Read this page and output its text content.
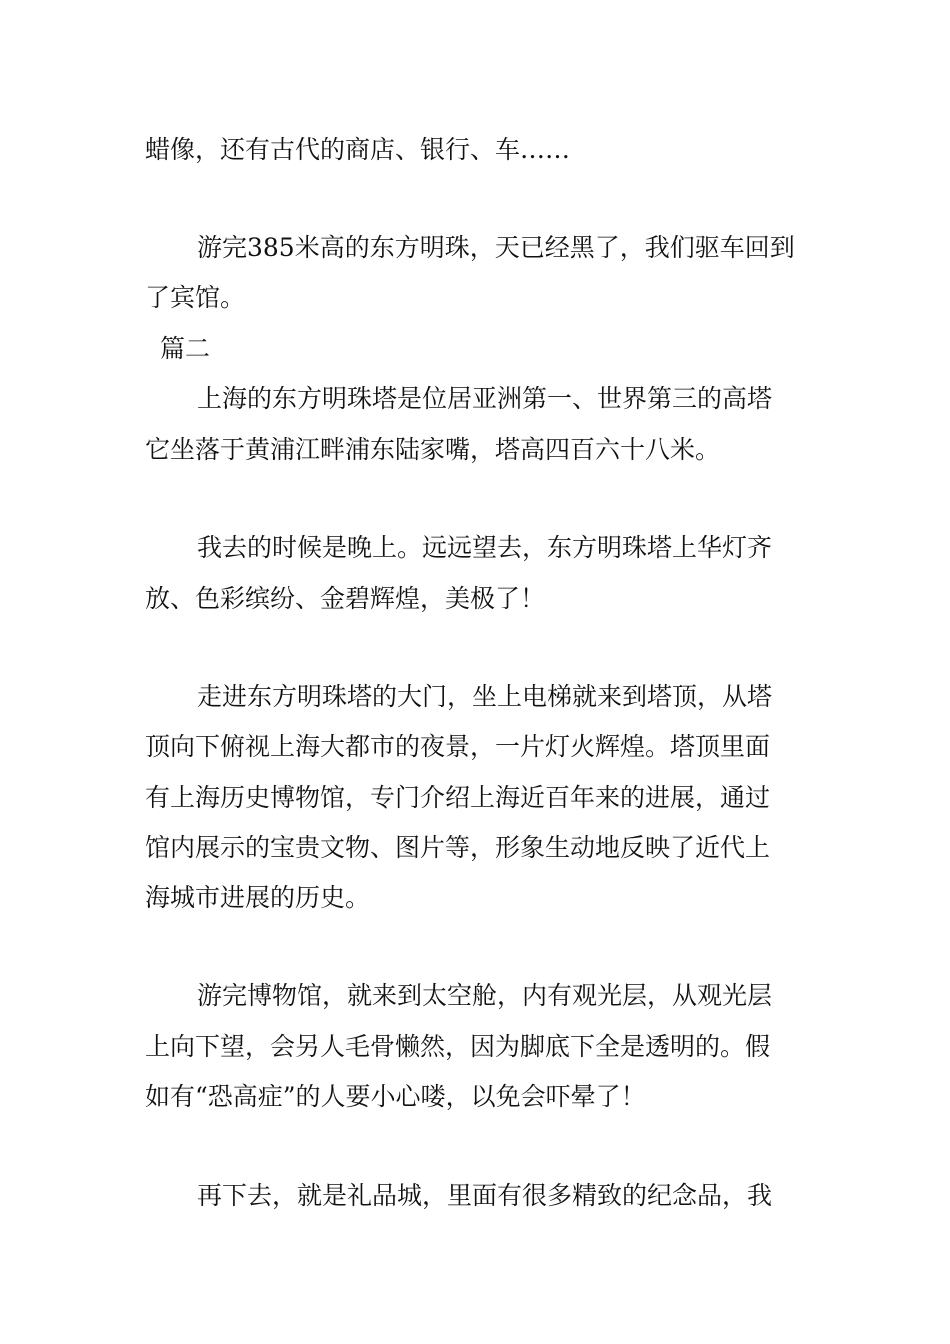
蜡像，还有古代的商店、银行、车……
游完385米高的东方明珠，天已经黑了，我们驱车回到
了宾馆。
篇二
上海的东方明珠塔是位居亚洲第一、世界第三的高塔
它坐落于黄浦江畔浦东陆家嘴，塔高四百六十八米。
我去的时候是晚上。远远望去，东方明珠塔上华灯齐
放、色彩缤纷、金碧辉煌，美极了！
走进东方明珠塔的大门，坐上电梯就来到塔顶，从塔
顶向下俯视上海大都市的夜景，一片灯火辉煌。塔顶里面
有上海历史博物馆，专门介绍上海近百年来的进展，通过
馆内展示的宝贵文物、图片等，形象生动地反映了近代上
海城市进展的历史。
游完博物馆，就来到太空舱，内有观光层，从观光层
上向下望，会另人毛骨懒然，因为脚底下全是透明的。假
如有“恐高症”的人要小心喽，以免会吓晕了！
再下去，就是礼品城，里面有很多精致的纪念品，我
